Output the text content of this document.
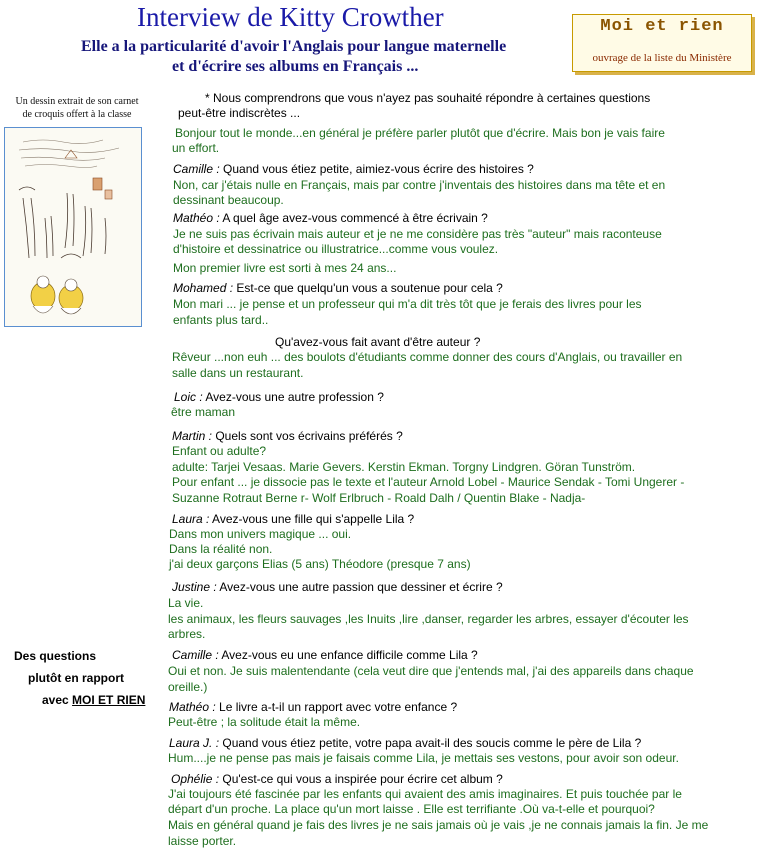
Interview de Kitty Crowther

Elle a la particularité d'avoir l'Anglais pour langue maternelle

et d'écrire ses albums en Français ...

Moi et rien
ouvrage de la liste du Ministère
Un dessin extrait de son carnet
de croquis offert à la classe
Des questions
plutôt en rapport
avec MOI ET RIEN
* Nous comprendrons que vous n'ayez pas souhaité répondre à certaines questions
peut-être indiscrètes ...
Bonjour tout le monde...en général je préfère parler plutôt que d'écrire. Mais bon je vais faire
un effort.
Camille : Quand vous étiez petite, aimiez-vous écrire des histoires ?
Non, car j'étais nulle en Français, mais par contre j'inventais des histoires dans ma tête et en
dessinant beaucoup.
Mathéo : A quel âge avez-vous commencé à être écrivain ?
Je ne suis pas écrivain mais auteur et je ne me considère pas très "auteur" mais raconteuse
d'histoire et dessinatrice ou illustratrice...comme vous voulez.
Mon premier livre est sorti à mes 24 ans...
Mohamed : Est-ce que quelqu'un vous a soutenue pour cela ?
Mon mari ... je pense et un professeur qui m'a dit très tôt que je ferais des livres pour les
enfants plus tard..
Qu'avez-vous fait avant d'être auteur ?
Rêveur ...non euh ... des boulots d'étudiants comme donner des cours d'Anglais, ou travailler en
salle dans un restaurant.
Loic : Avez-vous une autre profession ?
être maman
Martin : Quels sont vos écrivains préférés ?
Enfant ou adulte?
adulte: Tarjei Vesaas. Marie Gevers. Kerstin Ekman. Torgny Lindgren. Göran Tunström.
Pour enfant ... je dissocie pas le texte et l'auteur Arnold Lobel - Maurice Sendak - Tomi Ungerer -
Suzanne Rotraut Berne r- Wolf Erlbruch - Roald Dalh / Quentin Blake - Nadja-
Laura : Avez-vous une fille qui s'appelle Lila ?
Dans mon univers magique ... oui.
Dans la réalité non.
j'ai deux garçons Elias (5 ans) Théodore (presque 7 ans)
Justine : Avez-vous une autre passion que dessiner et écrire ?
La vie.
les animaux, les fleurs sauvages ,les Inuits ,lire ,danser, regarder les arbres, essayer d'écouter les
arbres.
Camille : Avez-vous eu une enfance difficile comme Lila ?
Oui et non. Je suis malentendante (cela veut dire que j'entends mal, j'ai des appareils dans chaque
oreille.)
Mathéo : Le livre a-t-il un rapport avec votre enfance ?
Peut-être ; la solitude était la même.
Laura J. : Quand vous étiez petite, votre papa avait-il des soucis comme le père de Lila ?
Hum....je ne pense pas mais je faisais comme Lila, je mettais ses vestons, pour avoir son odeur.
Ophélie : Qu'est-ce qui vous a inspirée pour écrire cet album ?
J'ai toujours été fascinée par les enfants qui avaient des amis imaginaires. Et puis touchée par le
départ d'un proche. La place qu'un mort laisse . Elle est terrifiante .Où va-t-elle et pourquoi?
Mais en général quand je fais des livres je ne sais jamais où je vais ,je ne connais jamais la fin. Je me
laisse porter.
